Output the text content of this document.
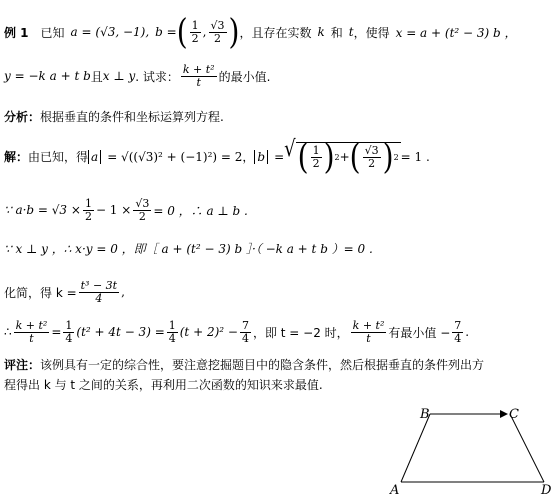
例 1 已知 a = (√3, −1), b = ( $\frac{1}{2}$ , $\frac{√3}{2}$ ) ，且存在实数 k 和 t ，使得 x = a + (t² − 3) b ，
y = −k a + t b 且 x ⊥ y . 试求： $\frac{\text{k + t²}}{t}$ 的最小值.
分析： 根据垂直的条件和坐标运算列方程.
解： 由已知，得 a = √((√3)² + (−1)²) = 2 ， b = √ ( $\frac{1}{2}$ ) 2 + ( $\frac{√3}{2}$ ) 2 = 1 .
∵ $a\cdot b = √3 \times \frac{1}{2} - 1 \times \frac{√3}{2} = 0$ ，∴ a ⊥ b .
∵ x ⊥ y ，∴ x·y = 0 ，即［ a + (t² − 3) b ］·（ −k a + t b ）= 0 .
化简，得 $k = \frac{\text{t³ − 3t}}{4}$ ,
∴ $\frac{\text{k + t²}}{t} = \frac{1}{4} (t^2 + 4t - 3) = \frac{1}{4} (t + 2)^2 - \frac{7}{4}$ ，即 t = −2 时， $\frac{\text{k + t²}}{t}$ 有最小值 − $\frac{7}{4}$ .
评注： 该例具有一定的综合性，要注意挖掘题目中的隐含条件，然后根据垂直的条件列出方
程得出 k 与 t 之间的关系，再利用二次函数的知识来求最值.
B	C
A	D
